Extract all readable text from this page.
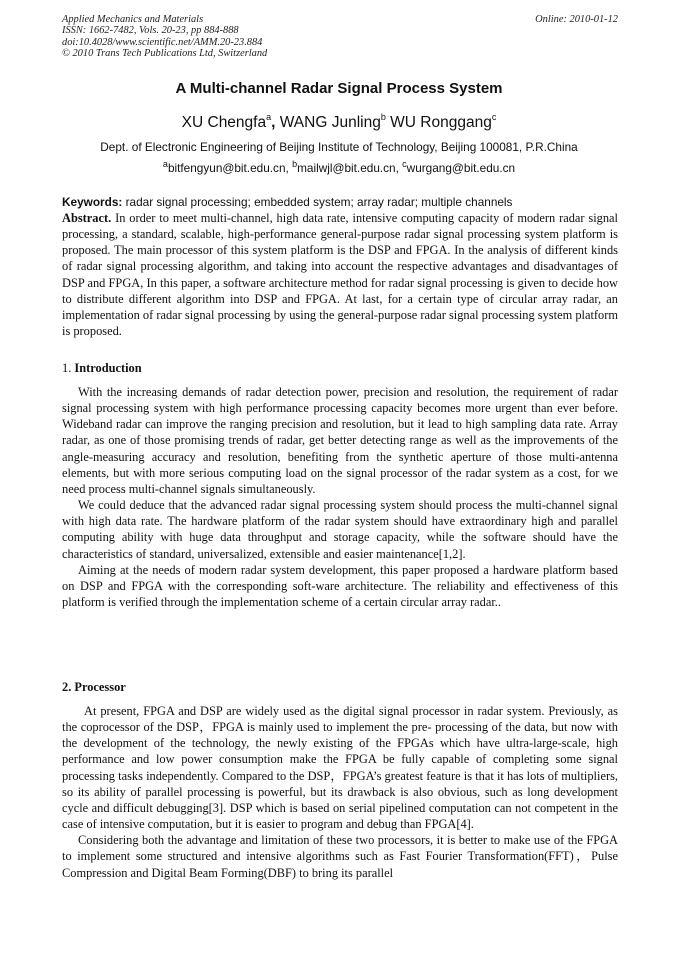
Applied Mechanics and Materials
ISSN: 1662-7482, Vols. 20-23, pp 884-888
doi:10.4028/www.scientific.net/AMM.20-23.884
© 2010 Trans Tech Publications Ltd, Switzerland
Online: 2010-01-12
A Multi-channel Radar Signal Process System
XU Chengfa$^a$, WANG Junling$^b$ WU Ronggang$^c$
Dept. of Electronic Engineering of Beijing Institute of Technology, Beijing 100081, P.R.China
$^a$bitfengyun@bit.edu.cn, $^b$mailwjl@bit.edu.cn, $^c$wurgang@bit.edu.cn
Keywords: radar signal processing; embedded system; array radar; multiple channels

Abstract. In order to meet multi-channel, high data rate, intensive computing capacity of modern radar signal processing, a standard, scalable, high-performance general-purpose radar signal processing system platform is proposed. The main processor of this system platform is the DSP and FPGA. In the analysis of different kinds of radar signal processing algorithm, and taking into account the respective advantages and disadvantages of DSP and FPGA, In this paper, a software architecture method for radar signal processing is given to decide how to distribute different algorithm into DSP and FPGA. At last, for a certain type of circular array radar, an implementation of radar signal processing by using the general-purpose radar signal processing system platform is proposed.

1. Introduction

With the increasing demands of radar detection power, precision and resolution, the requirement of radar signal processing system with high performance processing capacity becomes more urgent than ever before. Wideband radar can improve the ranging precision and resolution, but it lead to high sampling data rate. Array radar, as one of those promising trends of radar, get better detecting range as well as the improvements of the angle-measuring accuracy and resolution, benefiting from the synthetic aperture of those multi-antenna elements, but with more serious computing load on the signal processor of the radar system as a cost, for we need process multi-channel signals simultaneously.

We could deduce that the advanced radar signal processing system should process the multi-channel signal with high data rate. The hardware platform of the radar system should have extraordinary high and parallel computing ability with huge data throughput and storage capacity, while the software should have the characteristics of standard, universalized, extensible and easier maintenance[1,2].

Aiming at the needs of modern radar system development, this paper proposed a hardware platform based on DSP and FPGA with the corresponding soft-ware architecture. The reliability and effectiveness of this platform is verified through the implementation scheme of a certain circular array radar..

2. Processor

At present, FPGA and DSP are widely used as the digital signal processor in radar system. Previously, as the coprocessor of the DSP，FPGA is mainly used to implement the pre- processing of the data, but now with the development of the technology, the newly existing of the FPGAs which have ultra-large-scale, high performance and low power consumption make the FPGA be fully capable of completing some signal processing tasks independently. Compared to the DSP，FPGA’s greatest feature is that it has lots of multipliers, so its ability of parallel processing is powerful, but its drawback is also obvious, such as long development cycle and difficult debugging[3]. DSP which is based on serial pipelined computation can not competent in the case of intensive computation, but it is easier to program and debug than FPGA[4].

Considering both the advantage and limitation of these two processors, it is better to make use of the FPGA to implement some structured and intensive algorithms such as Fast Fourier Transformation(FFT)，Pulse Compression and Digital Beam Forming(DBF) to bring its parallel
